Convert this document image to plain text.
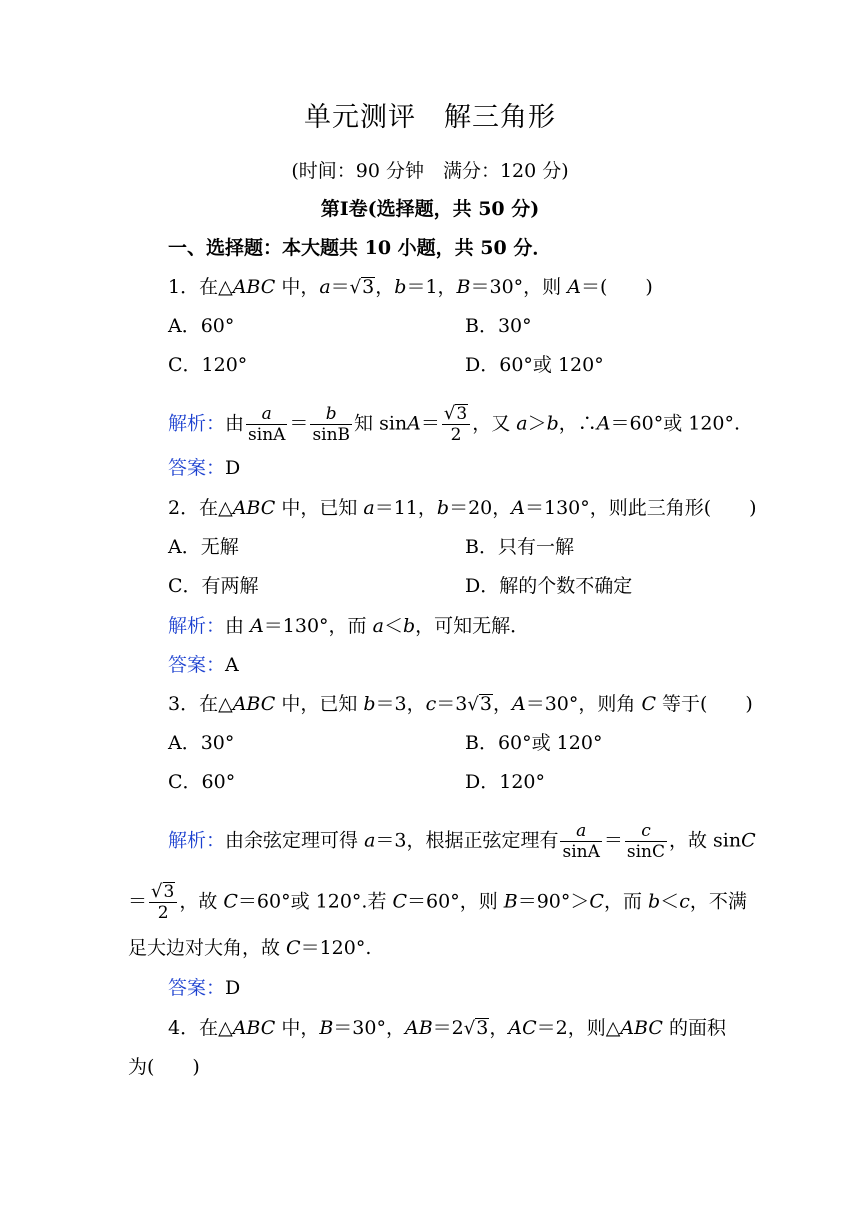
单元测评　解三角形
(时间：90 分钟　满分：120 分)
第Ⅰ卷(选择题，共 50 分)
一、选择题：本大题共 10 小题，共 50 分．
1．在△ABC 中，a＝√3，b＝1，B＝30°，则 A＝(　　)
A．60°	B．30°
C．120°	D．60°或 120°
解析：由 $\frac{a}{\sin A} = \frac{b}{\sin B}$ 知 $\sin A= \frac{√3}{2}$ ，又 a＞b，∴A＝60°或 120°.
答案：D
2．在△ABC 中，已知 a＝11，b＝20，A＝130°，则此三角形(　　)
A．无解	B．只有一解
C．有两解	D．解的个数不确定
解析：由 A＝130°，而 a＜b，可知无解．
答案：A
3．在△ABC 中，已知 b＝3，c＝3√3，A＝30°，则角 C 等于(　　)
A．30°	B．60°或 120°
C．60°	D．120°
解析：由余弦定理可得 a＝3，根据正弦定理有 $\frac{a}{\sin A} = \frac{c}{\sin C}$ ，故 sinC
＝ $\frac{√3}{2}$ ，故 C＝60°或 120°.若 C＝60°，则 B＝90°＞C，而 b＜c，不满
足大边对大角，故 C＝120°.
答案：D
4．在△ABC 中，B＝30°，AB＝2√3，AC＝2，则△ABC 的面积
为(　　)
